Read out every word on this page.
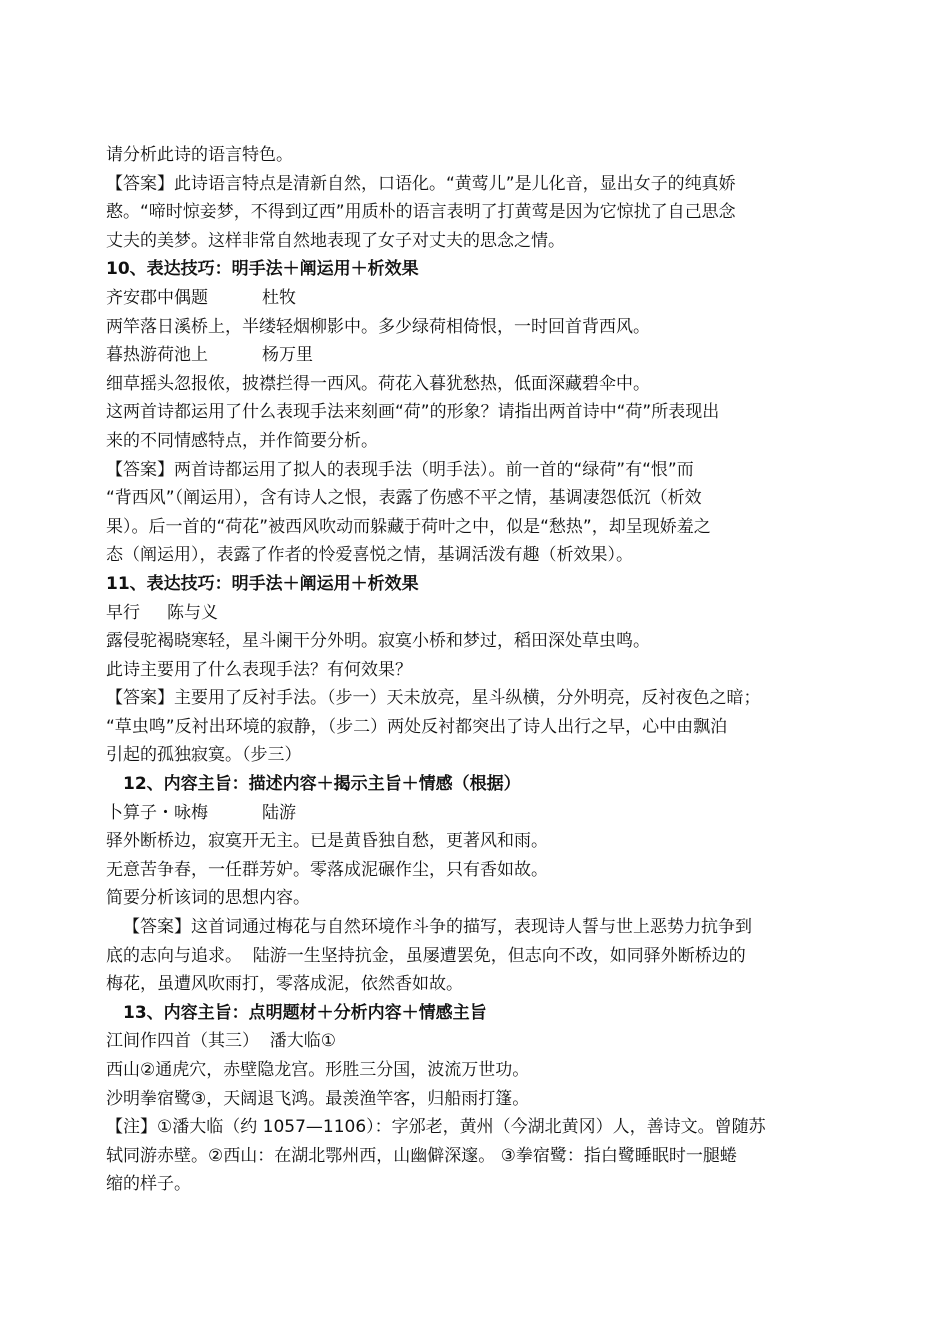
请分析此诗的语言特色。
【答案】此诗语言特点是清新自然，口语化。“黄莺儿”是儿化音，显出女子的纯真娇
憨。“啼时惊妾梦，不得到辽西”用质朴的语言表明了打黄莺是因为它惊扰了自己思念
丈夫的美梦。这样非常自然地表现了女子对丈夫的思念之情。
10、表达技巧：明手法＋阐运用＋析效果
齐安郡中偶题          杜牧
两竿落日溪桥上，半缕轻烟柳影中。多少绿荷相倚恨，一时回首背西风。
暮热游荷池上          杨万里
细草摇头忽报侬，披襟拦得一西风。荷花入暮犹愁热，低面深藏碧伞中。
这两首诗都运用了什么表现手法来刻画“荷”的形象？请指出两首诗中“荷”所表现出
来的不同情感特点，并作简要分析。
【答案】两首诗都运用了拟人的表现手法（明手法）。前一首的“绿荷”有“恨”而
“背西风”（阐运用），含有诗人之恨，表露了伤感不平之情，基调凄怨低沉（析效
果）。后一首的“荷花”被西风吹动而躲藏于荷叶之中，似是“愁热”，却呈现娇羞之
态（阐运用），表露了作者的怜爱喜悦之情，基调活泼有趣（析效果）。
11、表达技巧：明手法＋阐运用＋析效果
早行     陈与义
露侵驼褐晓寒轻，星斗阑干分外明。寂寞小桥和梦过，稻田深处草虫鸣。
此诗主要用了什么表现手法？有何效果？
【答案】主要用了反衬手法。（步一）天未放亮，星斗纵横，分外明亮，反衬夜色之暗；
“草虫鸣”反衬出环境的寂静，（步二）两处反衬都突出了诗人出行之早，心中由飘泊
引起的孤独寂寞。（步三）
12、内容主旨：描述内容＋揭示主旨＋情感（根据）
卜算子・咏梅          陆游
驿外断桥边，寂寞开无主。已是黄昏独自愁，更著风和雨。
无意苦争春，一任群芳妒。零落成泥碾作尘，只有香如故。
简要分析该词的思想内容。
【答案】这首词通过梅花与自然环境作斗争的描写，表现诗人誓与世上恶势力抗争到
底的志向与追求。  陆游一生坚持抗金，虽屡遭罢免，但志向不改，如同驿外断桥边的
梅花，虽遭风吹雨打，零落成泥，依然香如故。
13、内容主旨：点明题材＋分析内容＋情感主旨
江间作四首（其三）  潘大临①
西山②通虎穴，赤壁隐龙宫。形胜三分国，波流万世功。
沙明拳宿鹭③，天阔退飞鸿。最羡渔竿客，归船雨打篷。
【注】①潘大临（约 1057—1106）：字邠老，黄州（今湖北黄冈）人，善诗文。曾随苏
轼同游赤壁。②西山：在湖北鄂州西，山幽僻深邃。 ③拳宿鹭：指白鹭睡眠时一腿蜷
缩的样子。
